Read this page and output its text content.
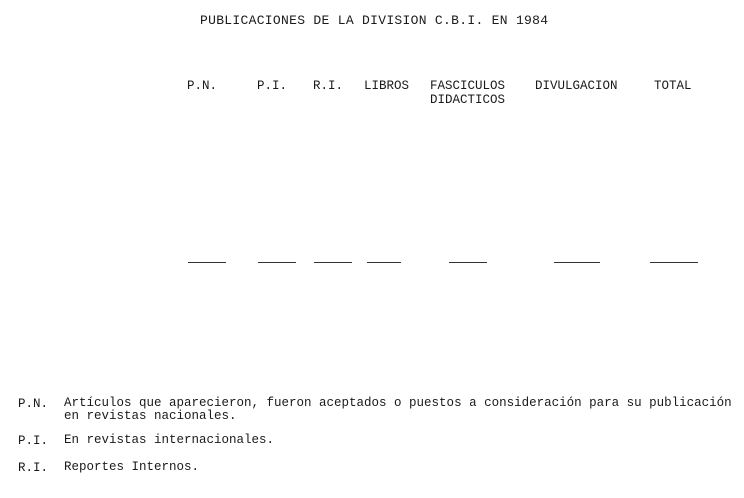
PUBLICACIONES DE LA DIVISION C.B.I. EN 1984
P.N.	P.I. R.I. LIBROS FASCICULOS
DIDACTICOS
DIVULGACION	TOTAL
P.N. Artículos que aparecieron, fueron aceptados o puestos a consideración para su publicación
en revistas nacionales.
P.I. En revistas internacionales.
R.I. Reportes Internos.
